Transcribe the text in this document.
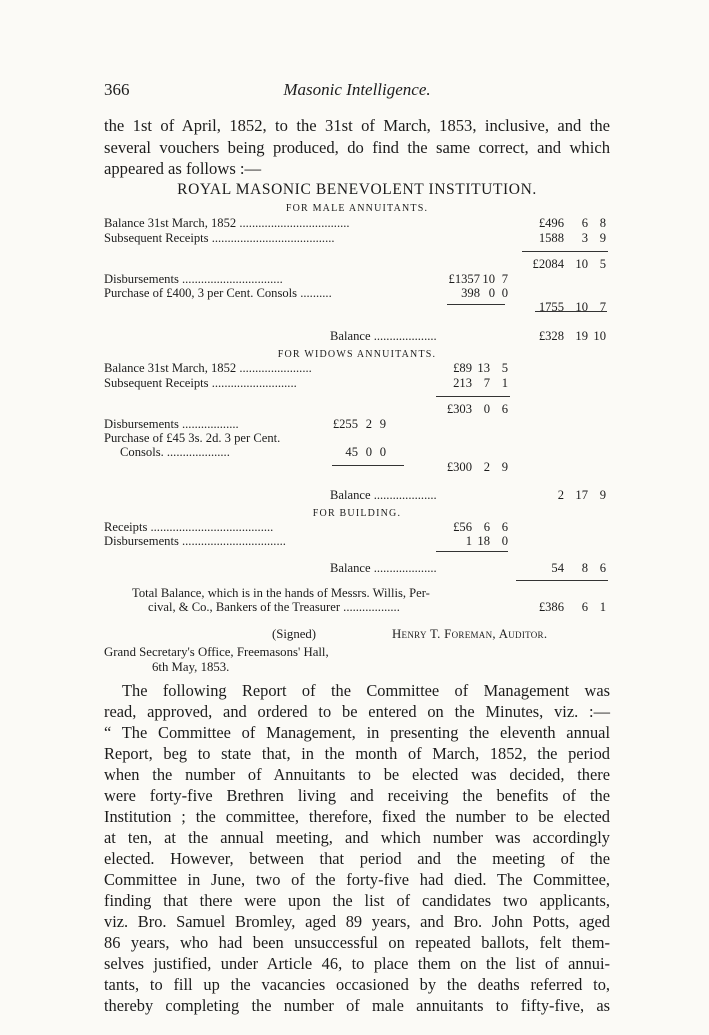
366	Masonic Intelligence.
the 1st of April, 1852, to the 31st of March, 1853, inclusive, and the
several vouchers being produced, do find the same correct, and which
appeared as follows :—
ROYAL MASONIC BENEVOLENT INSTITUTION.
FOR MALE ANNUITANTS.
Balance 31st March, 1852 ...................................	£496	6 8
Subsequent Receipts .......................................	1588	3 9
£2084 10 5
Disbursements ................................	£1357 10 7
Purchase of £400, 3 per Cent. Consols ..........	398 0 0
1755 10 7
Balance ....................	£328 19 10
FOR WIDOWS ANNUITANTS.
Balance 31st March, 1852 .......................	£89 13 5
Subsequent Receipts ...........................	213 7 1
£303 0 6
Disbursements ..................	£255 2 9
Purchase of £45 3s. 2d. 3 per Cent.
Consols. ....................	45 0 0
£300 2 9
Balance ....................	2 17 9
FOR BUILDING.
Receipts .......................................	£56 6 6
Disbursements .................................	1 18 0
Balance ....................	54	8 6
Total Balance, which is in the hands of Messrs. Willis, Per-
cival, & Co., Bankers of the Treasurer ..................	£386	6 1
(Signed)	Henry T. Foreman, Auditor.
Grand Secretary's Office, Freemasons' Hall,
6th May, 1853.
The following Report of the Committee of Management was
read, approved, and ordered to be entered on the Minutes, viz. :—
“ The Committee of Management, in presenting the eleventh annual
Report, beg to state that, in the month of March, 1852, the period
when the number of Annuitants to be elected was decided, there
were forty-five Brethren living and receiving the benefits of the
Institution ; the committee, therefore, fixed the number to be elected
at ten, at the annual meeting, and which number was accordingly
elected. However, between that period and the meeting of the
Committee in June, two of the forty-five had died. The Committee,
finding that there were upon the list of candidates two applicants,
viz. Bro. Samuel Bromley, aged 89 years, and Bro. John Potts, aged
86 years, who had been unsuccessful on repeated ballots, felt them-
selves justified, under Article 46, to place them on the list of annui-
tants, to fill up the vacancies occasioned by the deaths referred to,
thereby completing the number of male annuitants to fifty-five, as
